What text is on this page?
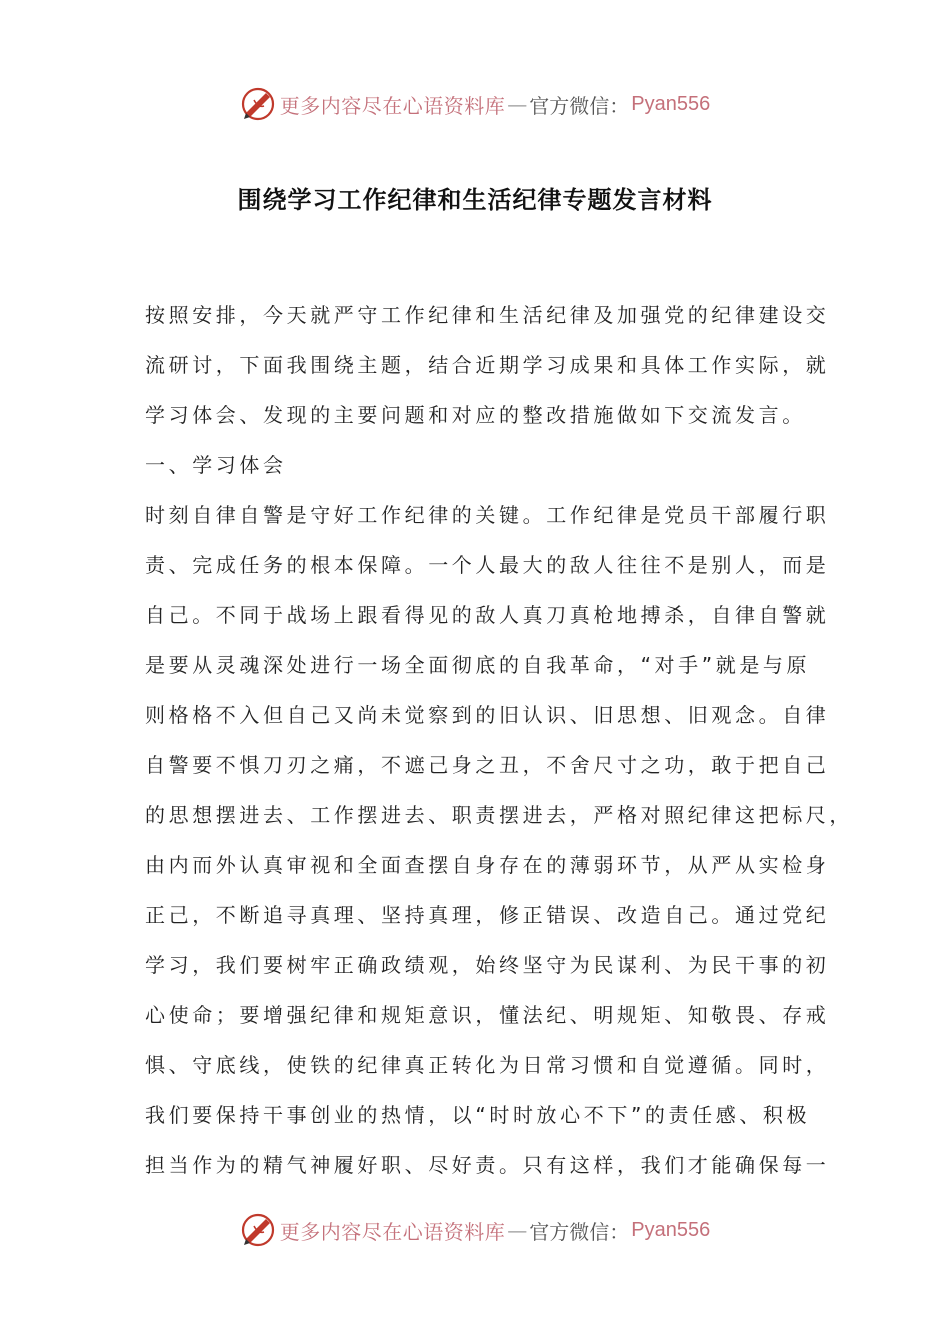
更多内容尽在心语资料库 — 官方微信： Pyan556
围绕学习工作纪律和生活纪律专题发言材料

按照安排，今天就严守工作纪律和生活纪律及加强党的纪律建设交

流研讨，下面我围绕主题，结合近期学习成果和具体工作实际，就

学习体会、发现的主要问题和对应的整改措施做如下交流发言。

一、学习体会

时刻自律自警是守好工作纪律的关键。工作纪律是党员干部履行职

责、完成任务的根本保障。一个人最大的敌人往往不是别人，而是

自己。不同于战场上跟看得见的敌人真刀真枪地搏杀，自律自警就

是要从灵魂深处进行一场全面彻底的自我革命，“对手”就是与原

则格格不入但自己又尚未觉察到的旧认识、旧思想、旧观念。自律

自警要不惧刀刃之痛，不遮己身之丑，不舍尺寸之功，敢于把自己

的思想摆进去、工作摆进去、职责摆进去，严格对照纪律这把标尺，

由内而外认真审视和全面查摆自身存在的薄弱环节，从严从实检身

正己，不断追寻真理、坚持真理，修正错误、改造自己。通过党纪

学习，我们要树牢正确政绩观，始终坚守为民谋利、为民干事的初

心使命；要增强纪律和规矩意识，懂法纪、明规矩、知敬畏、存戒

惧、守底线，使铁的纪律真正转化为日常习惯和自觉遵循。同时，

我们要保持干事创业的热情，以“时时放心不下”的责任感、积极

担当作为的精气神履好职、尽好责。只有这样，我们才能确保每一

更多内容尽在心语资料库 — 官方微信： Pyan556
